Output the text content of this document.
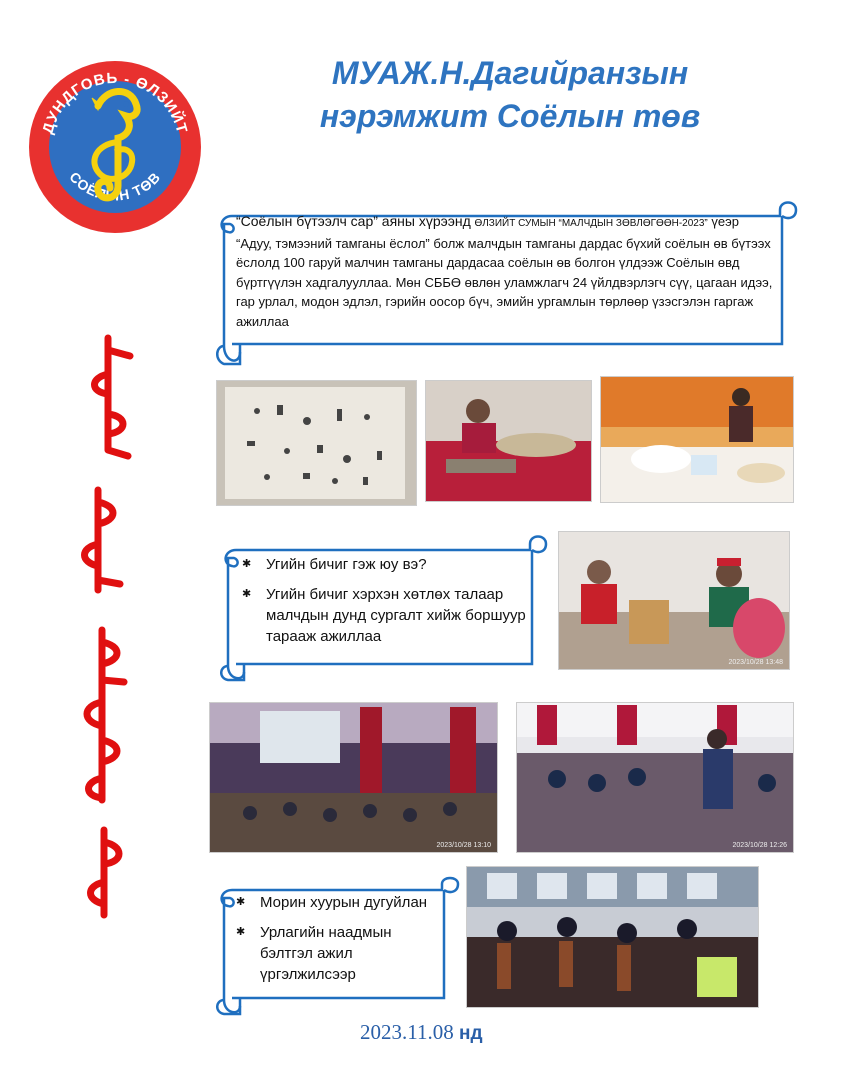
ДУНДГОВЬ - ӨЛЗИЙТ
СОЁЛЫН ТӨВ
МУАЖ.Н.Дагийранзын
нэрэмжит Соёлын төв
“Соёлын бүтээлч сар” аяны хүрээнд ӨЛЗИЙТ СУМЫН “МАЛЧДЫН ЗӨВЛӨГӨӨН-2023” үеэр “Адуу, тэмээний тамганы ёслол” болж малчдын тамганы дардас бүхий соёлын өв бүтээх ёслолд 100 гаруй малчин тамганы дардасаа соёлын өв болгон үлдээж Соёлын өвд бүртгүүлэн хадгалууллаа. Мөн СББӨ өвлөн уламжлагч 24 үйлдвэрлэгч сүү, цагаан идээ, гар урлал, модон эдлэл, гэрийн оосор бүч, эмийн ургамлын төрлөөр үзэсгэлэн гаргаж ажиллаа
✱ Угийн бичиг гэж юу вэ?
✱ Угийн бичиг хэрхэн хөтлөх талаар малчдын дунд сургалт хийж боршуур тарааж ажиллаа
2023/10/28 13:48
2023/10/28 13:10	2023/10/28 12:26
✱ Морин хуурын дугуйлан
✱ Урлагийн наадмын бэлтгэл ажил үргэлжилсээр
2023.11.08 нд
